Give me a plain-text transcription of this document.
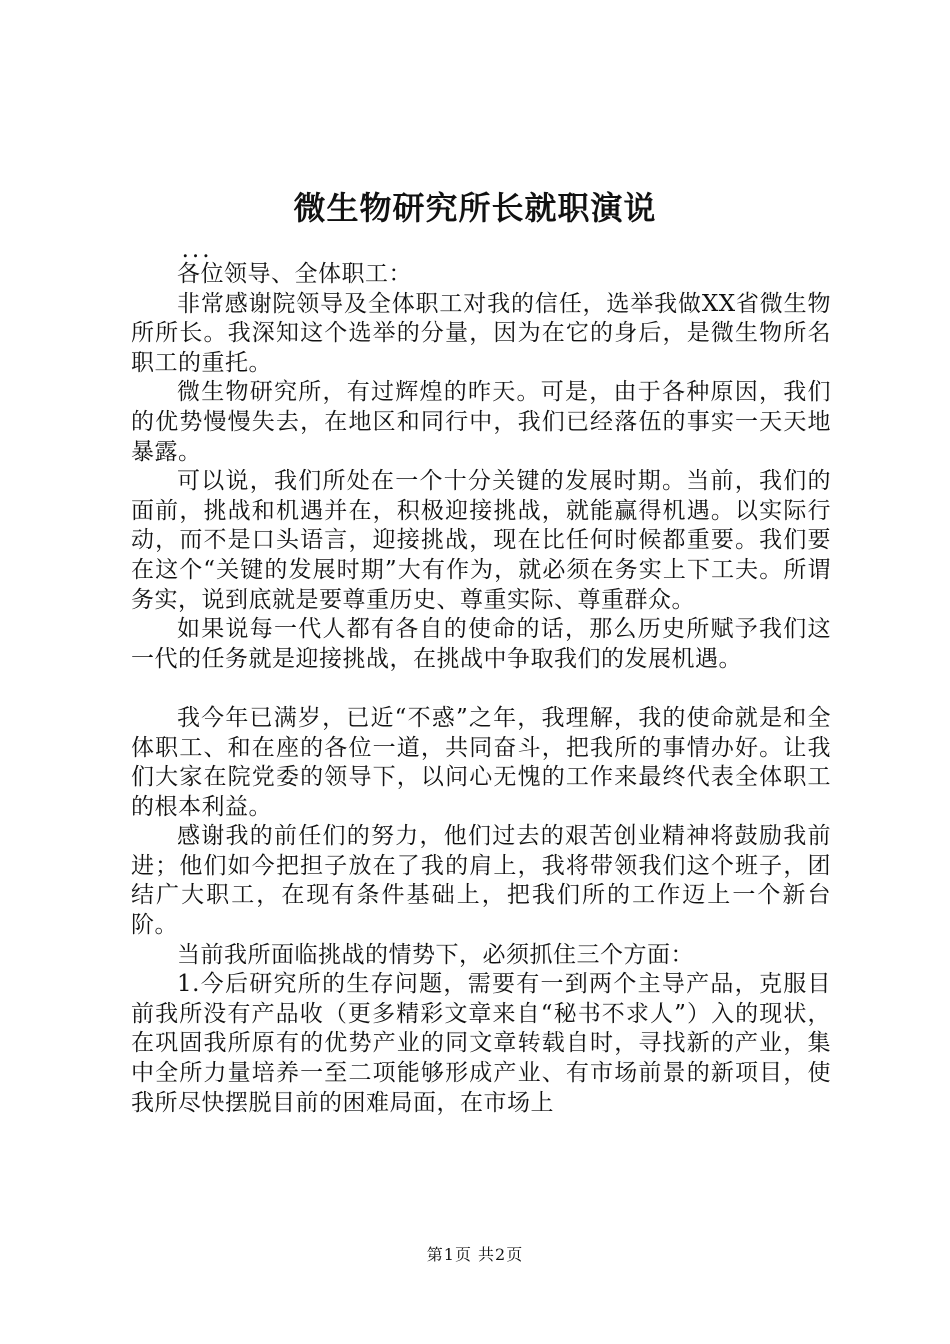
微生物研究所长就职演说

...

各位领导、全体职工：

非常感谢院领导及全体职工对我的信任，选举我做XX省微生物所所长。我深知这个选举的分量，因为在它的身后，是微生物所名职工的重托。

微生物研究所，有过辉煌的昨天。可是，由于各种原因，我们的优势慢慢失去，在地区和同行中，我们已经落伍的事实一天天地暴露。

可以说，我们所处在一个十分关键的发展时期。当前，我们的面前，挑战和机遇并在，积极迎接挑战，就能赢得机遇。以实际行动，而不是口头语言，迎接挑战，现在比任何时候都重要。我们要在这个“关键的发展时期”大有作为，就必须在务实上下工夫。所谓务实，说到底就是要尊重历史、尊重实际、尊重群众。

如果说每一代人都有各自的使命的话，那么历史所赋予我们这一代的任务就是迎接挑战，在挑战中争取我们的发展机遇。

我今年已满岁，已近“不惑”之年，我理解，我的使命就是和全体职工、和在座的各位一道，共同奋斗，把我所的事情办好。让我们大家在院党委的领导下，以问心无愧的工作来最终代表全体职工的根本利益。

感谢我的前任们的努力，他们过去的艰苦创业精神将鼓励我前进；他们如今把担子放在了我的肩上，我将带领我们这个班子，团结广大职工，在现有条件基础上，把我们所的工作迈上一个新台阶。

当前我所面临挑战的情势下，必须抓住三个方面：

1.今后研究所的生存问题，需要有一到两个主导产品，克服目前我所没有产品收（更多精彩文章来自“秘书不求人”）入的现状，在巩固我所原有的优势产业的同文章转载自时，寻找新的产业，集中全所力量培养一至二项能够形成产业、有市场前景的新项目，使我所尽快摆脱目前的困难局面，在市场上

第1页 共2页
